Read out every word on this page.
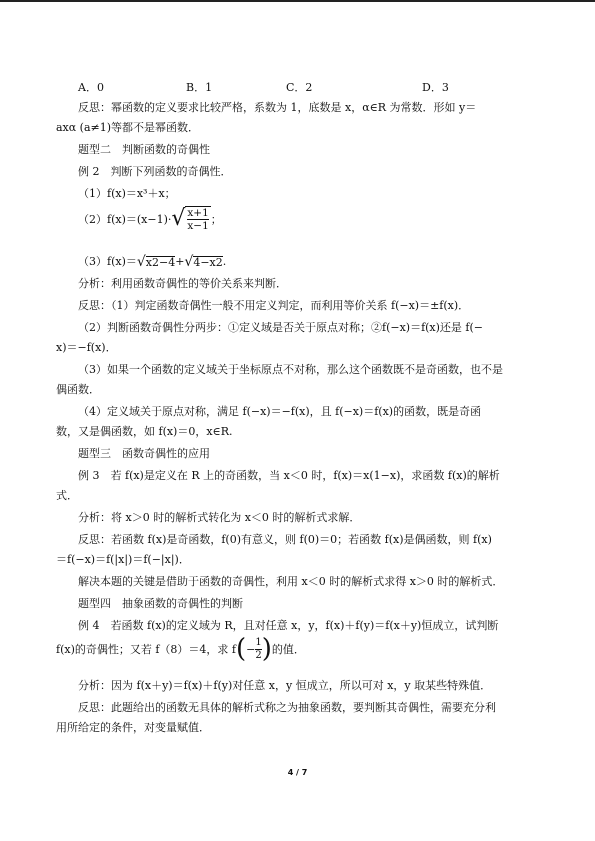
A．0	B．1	C．2	D．3
反思：幂函数的定义要求比较严格，系数为 1，底数是 x，α∈R 为常数．形如 y＝
axα (a≠1)等都不是幂函数．
题型二　判断函数的奇偶性
例 2　判断下列函数的奇偶性．
（1）f(x)＝x³＋x；
（2）f(x)＝(x−1)· √ x+1
x−1
；
（3）f(x)＝ √ x2−4 + √ 4−x2 .
分析：利用函数奇偶性的等价关系来判断．
反思：（1）判定函数奇偶性一般不用定义判定，而利用等价关系 f(−x)＝±f(x)．
（2）判断函数奇偶性分两步：①定义域是否关于原点对称；②f(−x)＝f(x)还是 f(−
x)＝−f(x)．
（3）如果一个函数的定义域关于坐标原点不对称，那么这个函数既不是奇函数，也不是
偶函数．
（4）定义域关于原点对称，满足 f(−x)＝−f(x)，且 f(−x)＝f(x)的函数，既是奇函
数，又是偶函数，如 f(x)＝0，x∈R.
题型三　函数奇偶性的应用
例 3　若 f(x)是定义在 R 上的奇函数，当 x＜0 时，f(x)＝x(1−x)，求函数 f(x)的解析
式．
分析：将 x＞0 时的解析式转化为 x＜0 时的解析式求解．
反思：若函数 f(x)是奇函数，f(0)有意义，则 f(0)＝0；若函数 f(x)是偶函数，则 f(x)
＝f(−x)＝f(|x|)＝f(−|x|)．
解决本题的关键是借助于函数的奇偶性，利用 x＜0 时的解析式求得 x＞0 时的解析式．
题型四　抽象函数的奇偶性的判断
例 4　若函数 f(x)的定义域为 R，且对任意 x，y，f(x)＋f(y)＝f(x＋y)恒成立，试判断
f(x)的奇偶性；又若 f（8）＝4，求 f ( −
1
2 ) 的值．
分析：因为 f(x＋y)＝f(x)＋f(y)对任意 x，y 恒成立，所以可对 x，y 取某些特殊值．
反思：此题给出的函数无具体的解析式称之为抽象函数，要判断其奇偶性，需要充分利
用所给定的条件，对变量赋值．
4 / 7
